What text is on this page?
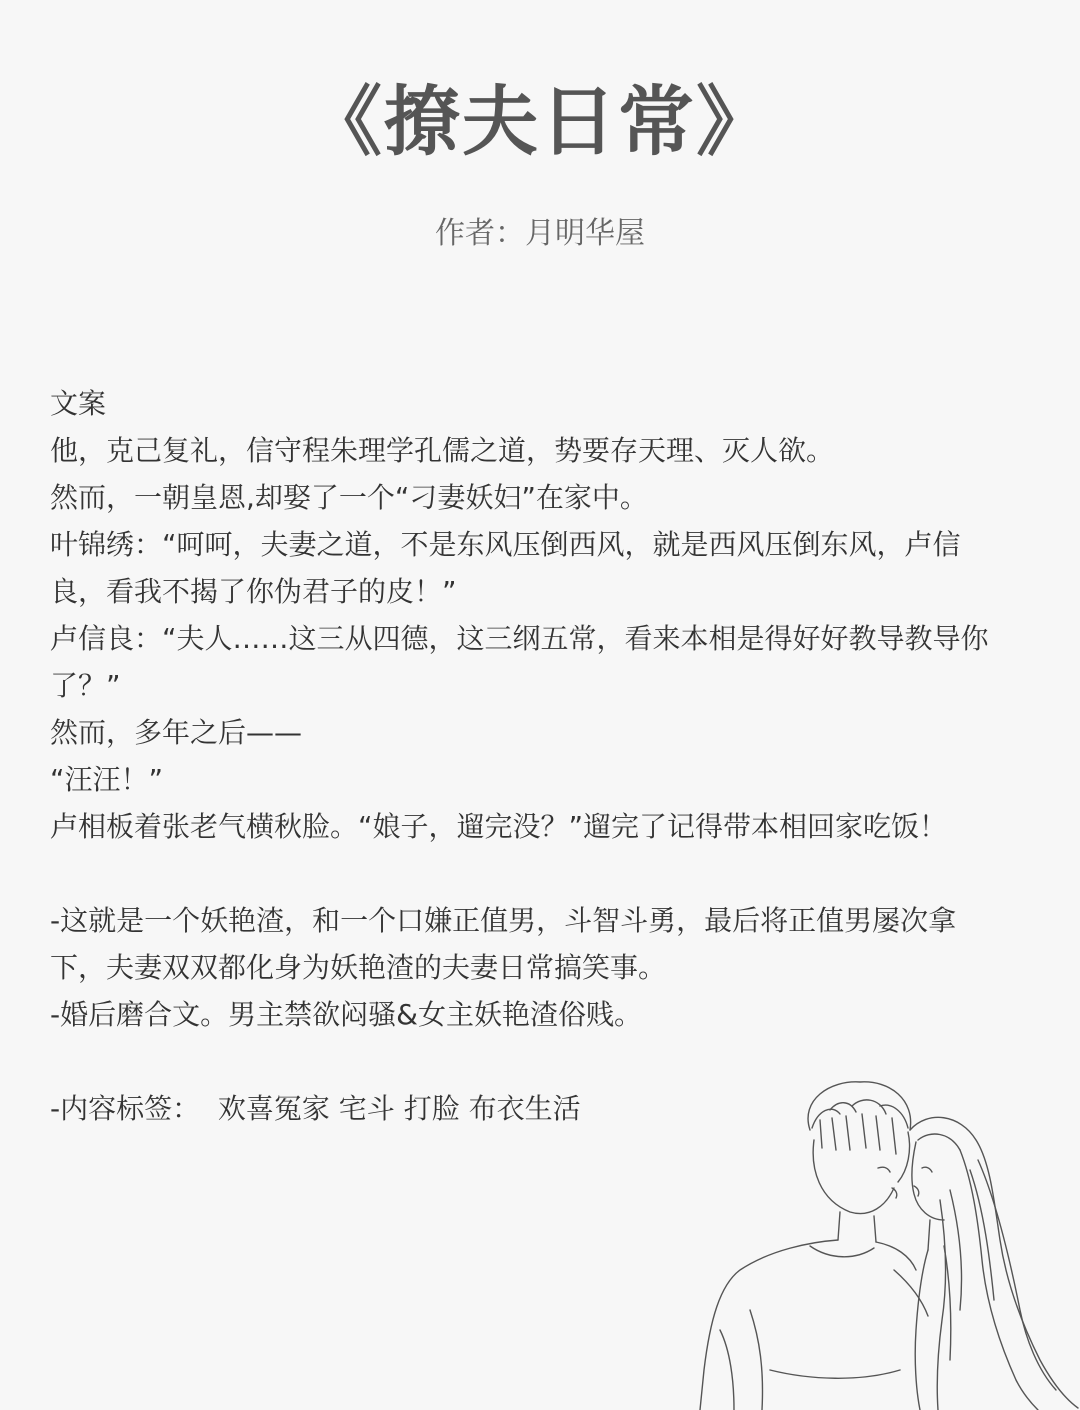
《撩夫日常》
作者：月明华屋
文案
他，克己复礼，信守程朱理学孔儒之道，势要存天理、灭人欲。
然而，一朝皇恩,却娶了一个“刁妻妖妇”在家中。
叶锦绣：“呵呵，夫妻之道，不是东风压倒西风，就是西风压倒东风，卢信
良，看我不揭了你伪君子的皮！”
卢信良：“夫人……这三从四德，这三纲五常，看来本相是得好好教导教导你
了？”
然而，多年之后——
“汪汪！”
卢相板着张老气横秋脸。“娘子，遛完没？”遛完了记得带本相回家吃饭！
-这就是一个妖艳渣，和一个口嫌正值男，斗智斗勇，最后将正值男屡次拿
下，夫妻双双都化身为妖艳渣的夫妻日常搞笑事。
-婚后磨合文。男主禁欲闷骚&女主妖艳渣俗贱。
-内容标签：  欢喜冤家 宅斗 打脸 布衣生活
